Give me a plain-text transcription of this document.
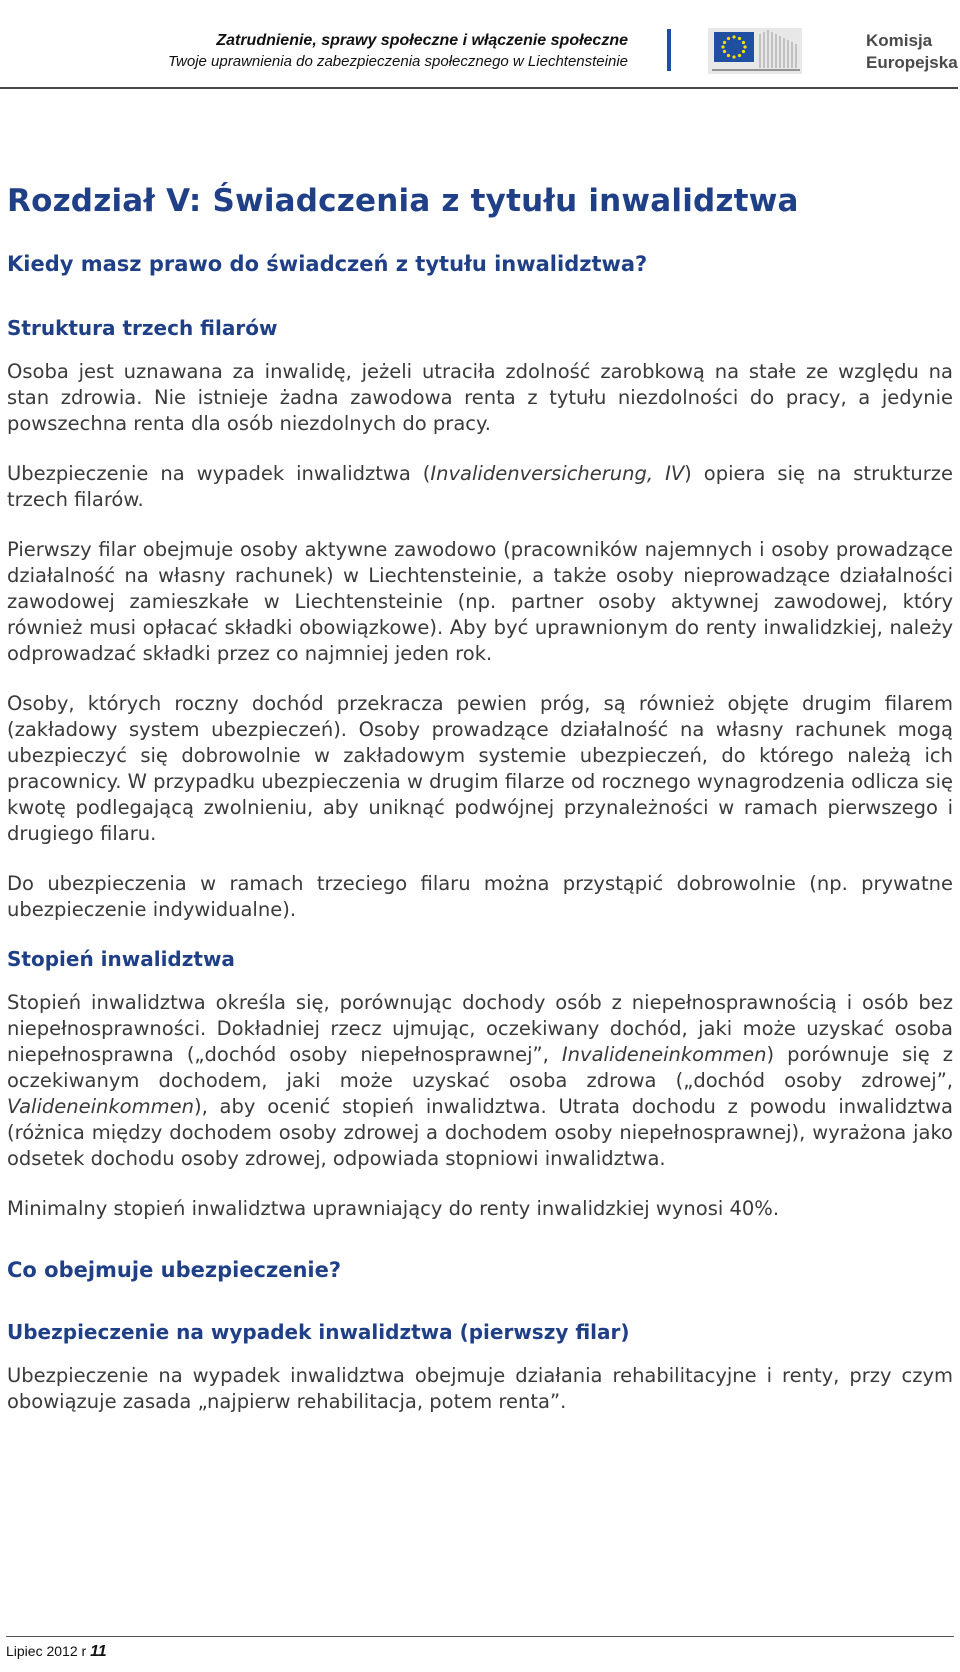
Zatrudnienie, sprawy społeczne i włączenie społeczne
Twoje uprawnienia do zabezpieczenia społecznego w Liechtensteinie
Komisja
Europejska
Rozdział V: Świadczenia z tytułu inwalidztwa
Kiedy masz prawo do świadczeń z tytułu inwalidztwa?
Struktura trzech filarów

Osoba jest uznawana za inwalidę, jeżeli utraciła zdolność zarobkową na stałe ze względu na stan zdrowia. Nie istnieje żadna zawodowa renta z tytułu niezdolności do pracy, a jedynie powszechna renta dla osób niezdolnych do pracy.

Ubezpieczenie na wypadek inwalidztwa (Invalidenversicherung, IV) opiera się na strukturze trzech filarów.

Pierwszy filar obejmuje osoby aktywne zawodowo (pracowników najemnych i osoby prowadzące działalność na własny rachunek) w Liechtensteinie, a także osoby nieprowadzące działalności zawodowej zamieszkałe w Liechtensteinie (np. partner osoby aktywnej zawodowej, który również musi opłacać składki obowiązkowe). Aby być uprawnionym do renty inwalidzkiej, należy odprowadzać składki przez co najmniej jeden rok.

Osoby, których roczny dochód przekracza pewien próg, są również objęte drugim filarem (zakładowy system ubezpieczeń). Osoby prowadzące działalność na własny rachunek mogą ubezpieczyć się dobrowolnie w zakładowym systemie ubezpieczeń, do którego należą ich pracownicy. W przypadku ubezpieczenia w drugim filarze od rocznego wynagrodzenia odlicza się kwotę podlegającą zwolnieniu, aby uniknąć podwójnej przynależności w ramach pierwszego i drugiego filaru.

Do ubezpieczenia w ramach trzeciego filaru można przystąpić dobrowolnie (np. prywatne ubezpieczenie indywidualne).

Stopień inwalidztwa

Stopień inwalidztwa określa się, porównując dochody osób z niepełnosprawnością i osób bez niepełnosprawności. Dokładniej rzecz ujmując, oczekiwany dochód, jaki może uzyskać osoba niepełnosprawna („dochód osoby niepełnosprawnej”, Invalideneinkommen) porównuje się z oczekiwanym dochodem, jaki może uzyskać osoba zdrowa („dochód osoby zdrowej”, Valideneinkommen), aby ocenić stopień inwalidztwa. Utrata dochodu z powodu inwalidztwa (różnica między dochodem osoby zdrowej a dochodem osoby niepełnosprawnej), wyrażona jako odsetek dochodu osoby zdrowej, odpowiada stopniowi inwalidztwa.

Minimalny stopień inwalidztwa uprawniający do renty inwalidzkiej wynosi 40%.

Co obejmuje ubezpieczenie?
Ubezpieczenie na wypadek inwalidztwa (pierwszy filar)

Ubezpieczenie na wypadek inwalidztwa obejmuje działania rehabilitacyjne i renty, przy czym obowiązuje zasada „najpierw rehabilitacja, potem renta”.

Lipiec 2012 r 11
